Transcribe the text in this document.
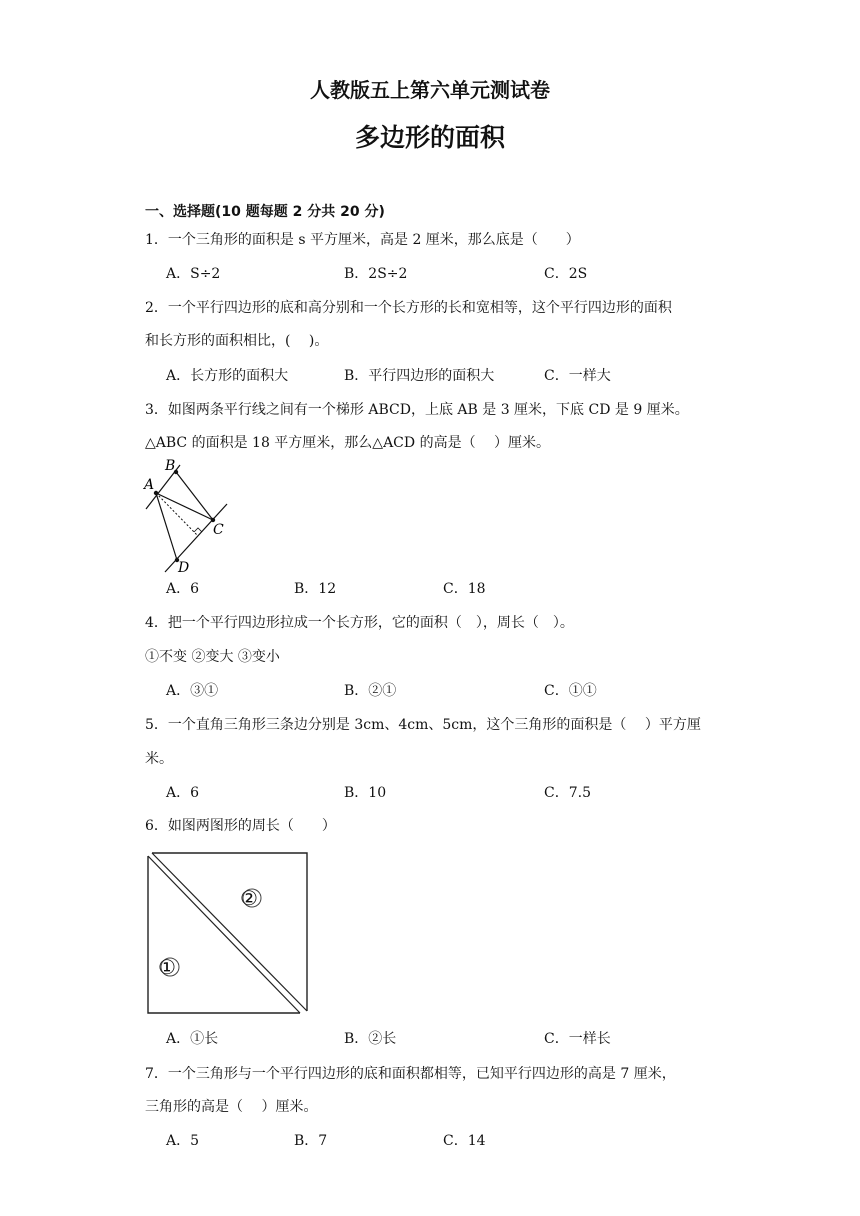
人教版五上第六单元测试卷
多边形的面积
一、选择题(10 题每题 2 分共 20 分)
1．一个三角形的面积是 s 平方厘米，高是 2 厘米，那么底是（　　）
A．S÷2	B．2S÷2	C．2S
2．一个平行四边形的底和高分别和一个长方形的长和宽相等，这个平行四边形的面积
和长方形的面积相比，(　 )。
A．长方形的面积大	B．平行四边形的面积大	C．一样大
3．如图两条平行线之间有一个梯形 ABCD，上底 AB 是 3 厘米，下底 CD 是 9 厘米。
△ABC 的面积是 18 平方厘米，那么△ACD 的高是（　 ）厘米。
B
A
C
D
A．6	B．12	C．18
4．把一个平行四边形拉成一个长方形，它的面积（　），周长（　）。
①不变 ②变大 ③变小
A．③①	B．②①	C．①①
5．一个直角三角形三条边分别是 3cm、4cm、5cm，这个三角形的面积是（　 ）平方厘
米。
A．6	B．10	C．7.5
6．如图两图形的周长（　　）
①
②
A．①长	B．②长	C．一样长
7．一个三角形与一个平行四边形的底和面积都相等，已知平行四边形的高是 7 厘米，
三角形的高是（　 ）厘米。
A．5	B．7	C．14
